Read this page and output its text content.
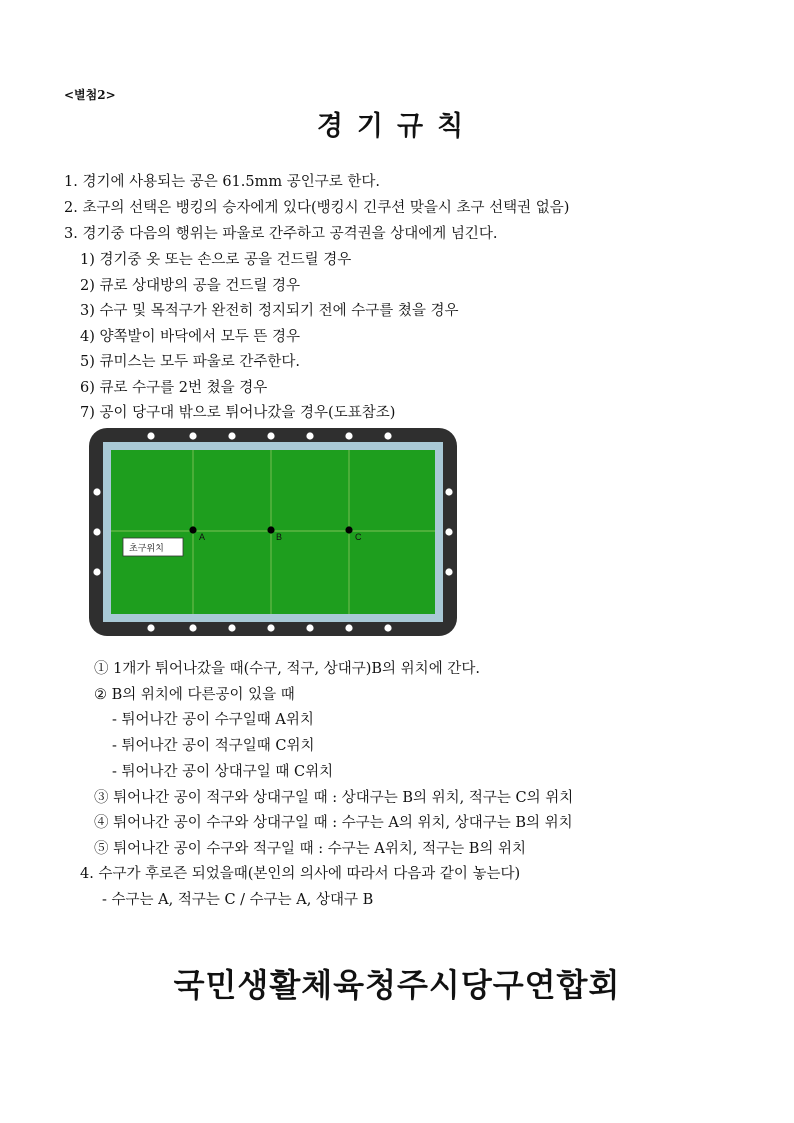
<별첨2>
경기규칙
1. 경기에 사용되는 공은 61.5mm 공인구로 한다.
2. 초구의 선택은 뱅킹의 승자에게 있다(뱅킹시 긴쿠션 맞을시 초구 선택권 없음)
3. 경기중 다음의 행위는 파울로 간주하고 공격권을 상대에게 넘긴다.
1) 경기중 옷 또는 손으로 공을 건드릴 경우
2) 큐로 상대방의 공을 건드릴 경우
3) 수구 및 목적구가 완전히 정지되기 전에 수구를 쳤을 경우
4) 양쪽발이 바닥에서 모두 뜬 경우
5) 큐미스는 모두 파울로 간주한다.
6) 큐로 수구를 2번 쳤을 경우
7) 공이 당구대 밖으로 튀어나갔을 경우(도표참조)
A	B	C
초구위치
① 1개가 튀어나갔을 때(수구, 적구, 상대구)B의 위치에 간다.
② B의 위치에 다른공이 있을 때
- 튀어나간 공이 수구일때 A위치
- 튀어나간 공이 적구일때 C위치
- 튀어나간 공이 상대구일 때 C위치
③ 튀어나간 공이 적구와 상대구일 때 : 상대구는 B의 위치, 적구는 C의 위치
④ 튀어나간 공이 수구와 상대구일 때 : 수구는 A의 위치, 상대구는 B의 위치
⑤ 튀어나간 공이 수구와 적구일 때 : 수구는 A위치, 적구는 B의 위치
4. 수구가 후로즌 되었을때(본인의 의사에 따라서 다음과 같이 놓는다)
- 수구는 A, 적구는 C / 수구는 A, 상대구 B
국민생활체육청주시당구연합회
